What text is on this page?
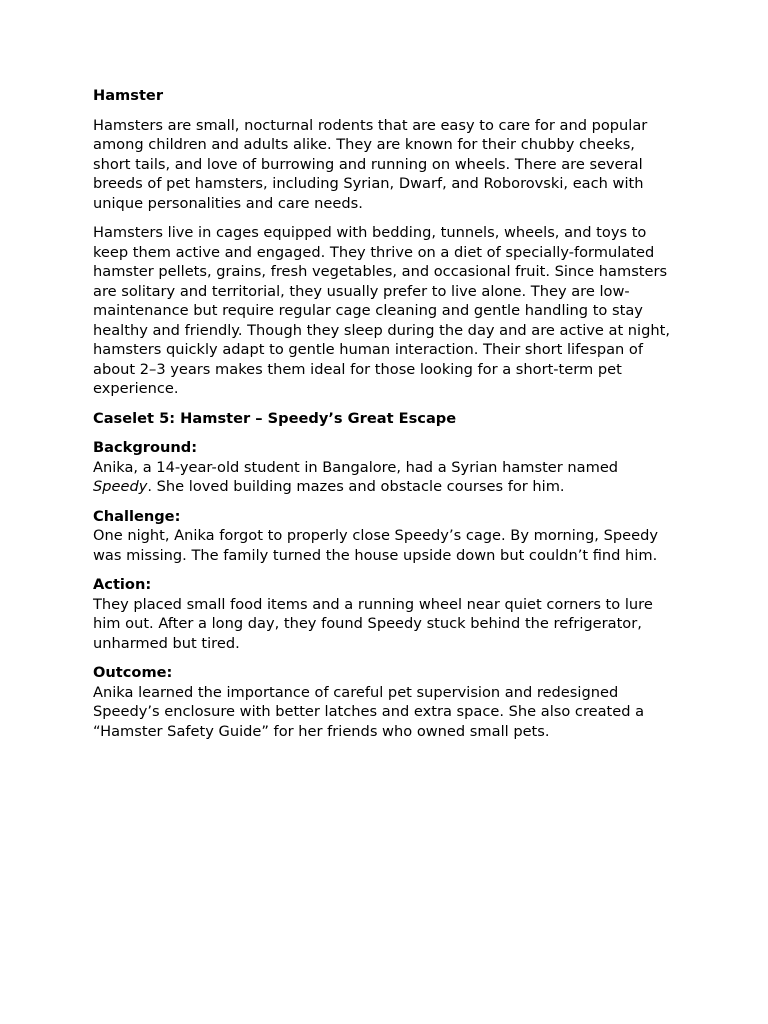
Hamster
Hamsters are small, nocturnal rodents that are easy to care for and popular among children and adults alike. They are known for their chubby cheeks, short tails, and love of burrowing and running on wheels. There are several breeds of pet hamsters, including Syrian, Dwarf, and Roborovski, each with unique personalities and care needs.
Hamsters live in cages equipped with bedding, tunnels, wheels, and toys to keep them active and engaged. They thrive on a diet of specially-formulated hamster pellets, grains, fresh vegetables, and occasional fruit. Since hamsters are solitary and territorial, they usually prefer to live alone. They are low-maintenance but require regular cage cleaning and gentle handling to stay healthy and friendly. Though they sleep during the day and are active at night, hamsters quickly adapt to gentle human interaction. Their short lifespan of about 2–3 years makes them ideal for those looking for a short-term pet experience.
Caselet 5: Hamster – Speedy’s Great Escape
Background:
Anika, a 14-year-old student in Bangalore, had a Syrian hamster named Speedy. She loved building mazes and obstacle courses for him.
Challenge:
One night, Anika forgot to properly close Speedy’s cage. By morning, Speedy was missing. The family turned the house upside down but couldn’t find him.
Action:
They placed small food items and a running wheel near quiet corners to lure him out. After a long day, they found Speedy stuck behind the refrigerator, unharmed but tired.
Outcome:
Anika learned the importance of careful pet supervision and redesigned Speedy’s enclosure with better latches and extra space. She also created a “Hamster Safety Guide” for her friends who owned small pets.
